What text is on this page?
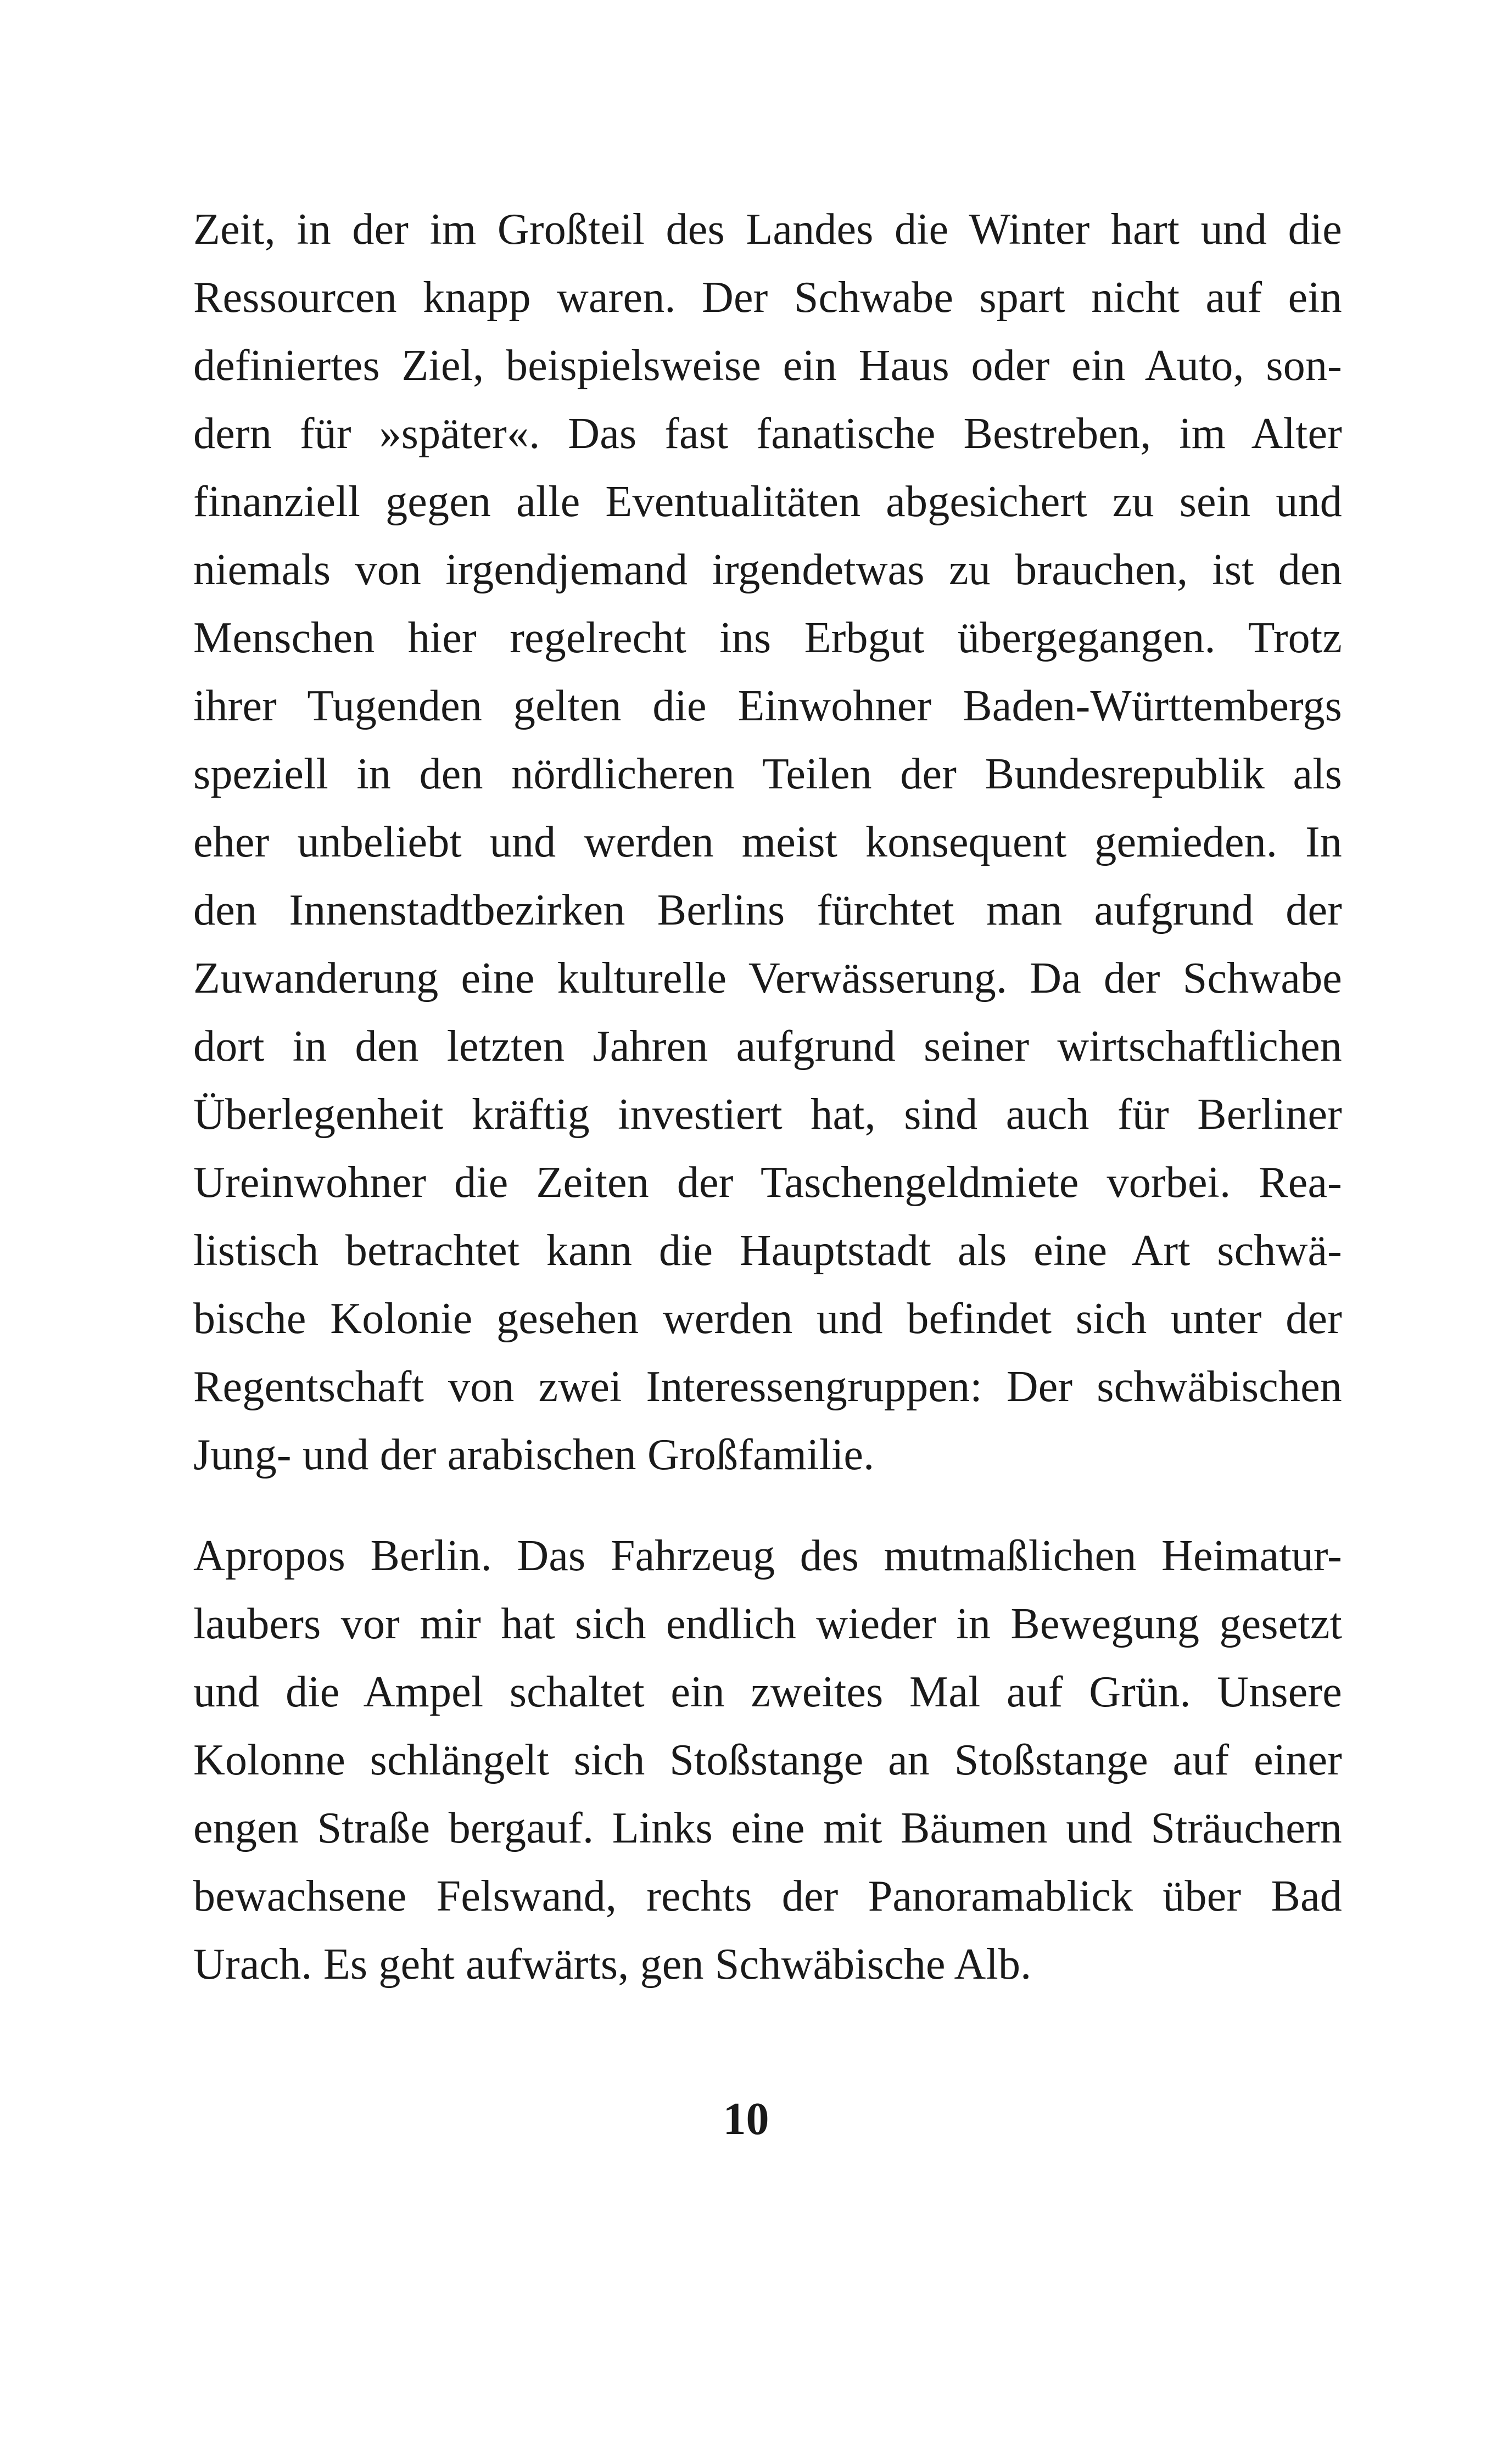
Zeit, in der im Großteil des Landes die Winter hart und die
Ressourcen knapp waren. Der Schwabe spart nicht auf ein
definiertes Ziel, beispielsweise ein Haus oder ein Auto, son-
dern für »später«. Das fast fanatische Bestreben, im Alter
finanziell gegen alle Eventualitäten abgesichert zu sein und
niemals von irgendjemand irgendetwas zu brauchen, ist den
Menschen hier regelrecht ins Erbgut übergegangen. Trotz
ihrer Tugenden gelten die Einwohner Baden-Württembergs
speziell in den nördlicheren Teilen der Bundesrepublik als
eher unbeliebt und werden meist konsequent gemieden. In
den Innenstadtbezirken Berlins fürchtet man aufgrund der
Zuwanderung eine kulturelle Verwässerung. Da der Schwabe
dort in den letzten Jahren aufgrund seiner wirtschaftlichen
Überlegenheit kräftig investiert hat, sind auch für Berliner
Ureinwohner die Zeiten der Taschengeldmiete vorbei. Rea-
listisch betrachtet kann die Hauptstadt als eine Art schwä-
bische Kolonie gesehen werden und befindet sich unter der
Regentschaft von zwei Interessengruppen: Der schwäbischen
Jung- und der arabischen Großfamilie.
Apropos Berlin. Das Fahrzeug des mutmaßlichen Heimatur-
laubers vor mir hat sich endlich wieder in Bewegung gesetzt
und die Ampel schaltet ein zweites Mal auf Grün. Unsere
Kolonne schlängelt sich Stoßstange an Stoßstange auf einer
engen Straße bergauf. Links eine mit Bäumen und Sträuchern
bewachsene Felswand, rechts der Panoramablick über Bad
Urach. Es geht aufwärts, gen Schwäbische Alb.
10
